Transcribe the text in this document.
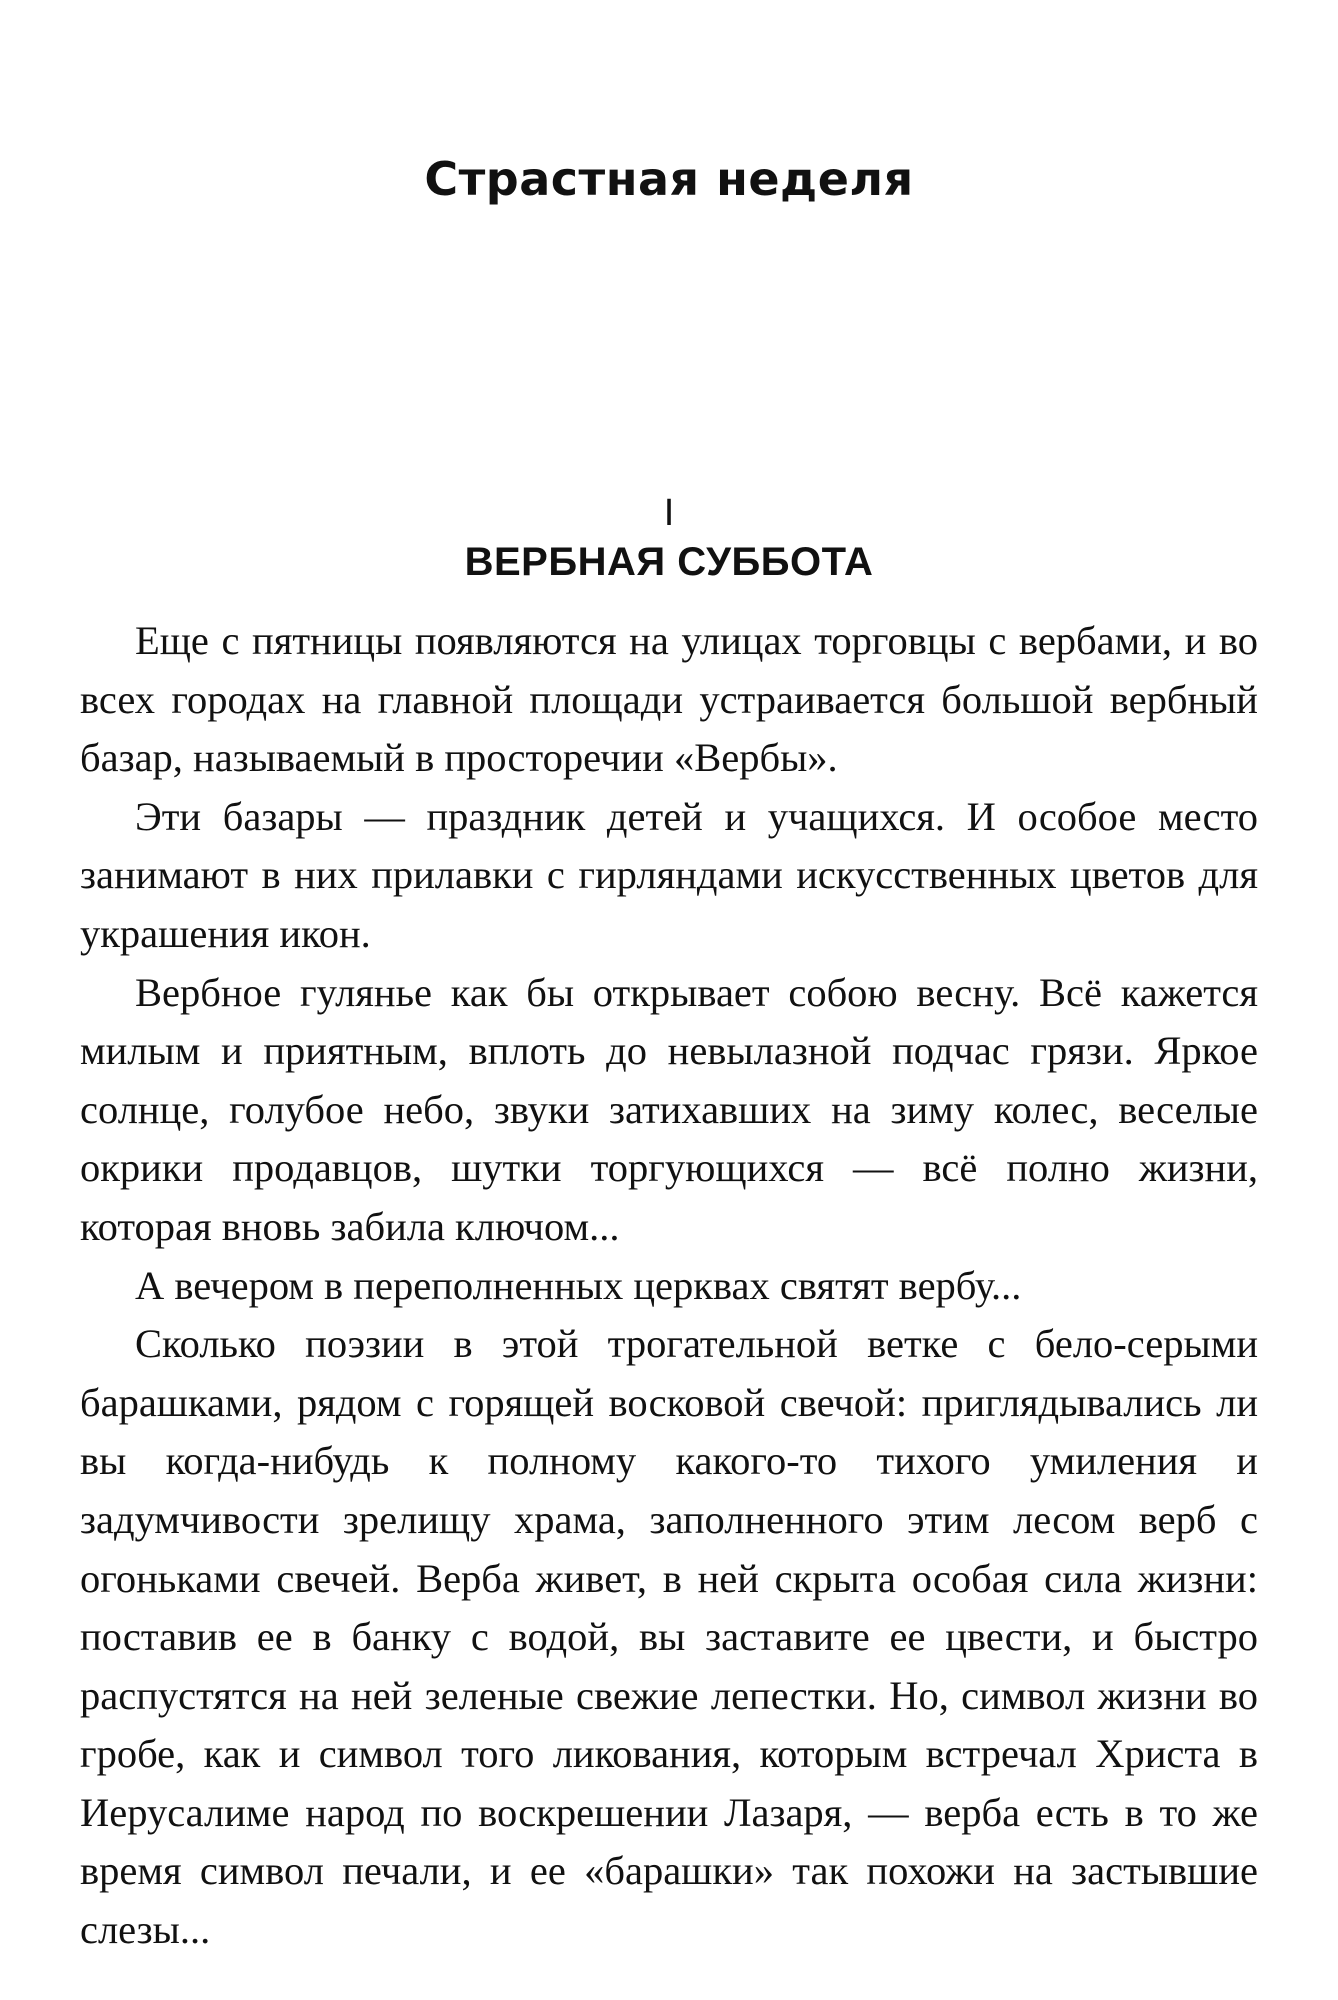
Страстная неделя
I
ВЕРБНАЯ СУББОТА

Еще с пятницы появляются на улицах торговцы с вербами, и во всех городах на главной площади устраивается большой вербный базар, называемый в просторечии «Вербы».

Эти базары — праздник детей и учащихся. И особое место занимают в них прилавки с гирляндами искусственных цветов для украшения икон.

Вербное гулянье как бы открывает собою весну. Всё кажется милым и приятным, вплоть до невылазной подчас грязи. Яркое солнце, голубое небо, звуки затихавших на зиму колес, веселые окрики продавцов, шутки торгующихся — всё полно жизни, которая вновь забила ключом...

А вечером в переполненных церквах святят вербу...

Сколько поэзии в этой трогательной ветке с бело-серыми барашками, рядом с горящей восковой свечой: приглядывались ли вы когда-нибудь к полному какого-то тихого умиления и задумчивости зрелищу храма, заполненного этим лесом верб с огоньками свечей. Верба живет, в ней скрыта особая сила жизни: поставив ее в банку с водой, вы заставите ее цвести, и быстро распустятся на ней зеленые свежие лепестки. Но, символ жизни во гробе, как и символ того ликования, которым встречал Христа в Иерусалиме народ по воскрешении Лазаря, — верба есть в то же время символ печали, и ее «барашки» так похожи на застывшие слезы...
